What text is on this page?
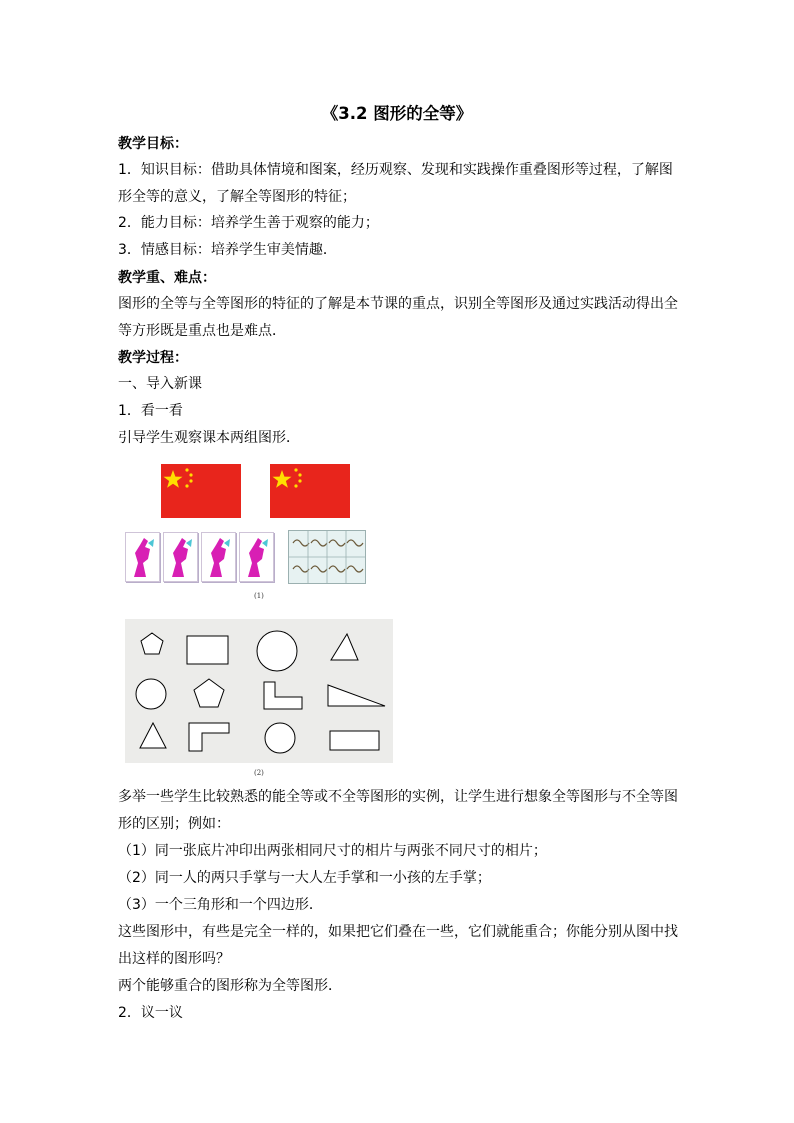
《3.2 图形的全等》
教学目标：
1．知识目标：借助具体情境和图案，经历观察、发现和实践操作重叠图形等过程，了解图
形全等的意义，了解全等图形的特征；
2．能力目标：培养学生善于观察的能力；
3．情感目标：培养学生审美情趣．
教学重、难点：
图形的全等与全等图形的特征的了解是本节课的重点，识别全等图形及通过实践活动得出全
等方形既是重点也是难点．
教学过程：
一、导入新课
1．看一看
引导学生观察课本两组图形．
(1)
(2)
多举一些学生比较熟悉的能全等或不全等图形的实例，让学生进行想象全等图形与不全等图
形的区别；例如：
（1）同一张底片冲印出两张相同尺寸的相片与两张不同尺寸的相片；
（2）同一人的两只手掌与一大人左手掌和一小孩的左手掌；
（3）一个三角形和一个四边形．
这些图形中，有些是完全一样的，如果把它们叠在一些，它们就能重合；你能分别从图中找
出这样的图形吗？
两个能够重合的图形称为全等图形．
2．议一议
